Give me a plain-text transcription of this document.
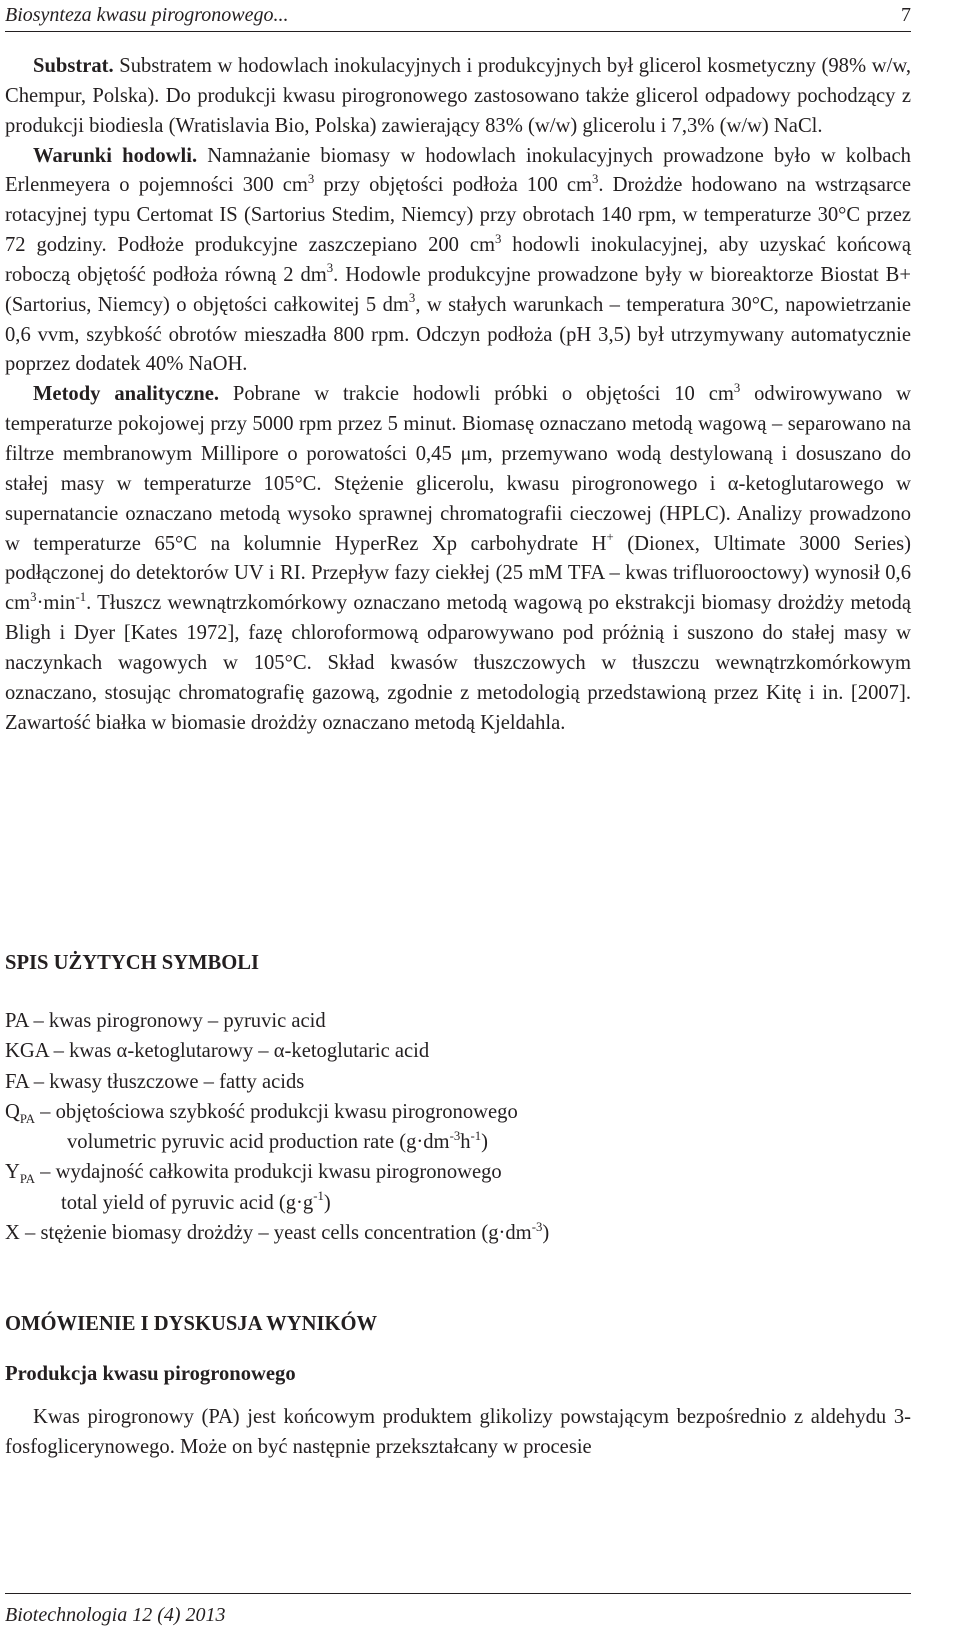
Biosynteza kwasu pirogronowego...	7

Substrat. Substratem w hodowlach inokulacyjnych i produkcyjnych był glicerol kosmetyczny (98% w/w, Chempur, Polska). Do produkcji kwasu pirogronowego zastosowano także glicerol odpadowy pochodzący z produkcji biodiesla (Wratislavia Bio, Polska) zawierający 83% (w/w) glicerolu i 7,3% (w/w) NaCl.

Warunki hodowli. Namnażanie biomasy w hodowlach inokulacyjnych prowadzone było w kolbach Erlenmeyera o pojemności 300 $cm^3$ przy objętości podłoża 100 $cm^3$. Drożdże hodowano na wstrząsarce rotacyjnej typu Certomat IS (Sartorius Stedim, Niemcy) przy obrotach 140 rpm, w temperaturze 30°C przez 72 godziny. Podłoże produkcyjne zaszczepiano 200 $cm^3$ hodowli inokulacyjnej, aby uzyskać końcową roboczą objętość podłoża równą 2 $dm^3$. Hodowle produkcyjne prowadzone były w bioreaktorze Biostat B+ (Sartorius, Niemcy) o objętości całkowitej 5 $dm^3$, w stałych warunkach – temperatura 30°C, napowietrzanie 0,6 vvm, szybkość obrotów mieszadła 800 rpm. Odczyn podłoża (pH 3,5) był utrzymywany automatycznie poprzez dodatek 40% NaOH.

Metody analityczne. Pobrane w trakcie hodowli próbki o objętości 10 $cm^3$ odwirowywano w temperaturze pokojowej przy 5000 rpm przez 5 minut. Biomasę oznaczano metodą wagową – separowano na filtrze membranowym Millipore o porowatości 0,45 μm, przemywano wodą destylowaną i dosuszano do stałej masy w temperaturze 105°C. Stężenie glicerolu, kwasu pirogronowego i α-ketoglutarowego w supernatancie oznaczano metodą wysoko sprawnej chromatografii cieczowej (HPLC). Analizy prowadzono w temperaturze 65°C na kolumnie HyperRez Xp carbohydrate H+ (Dionex, Ultimate 3000 Series) podłączonej do detektorów UV i RI. Przepływ fazy ciekłej (25 mM TFA – kwas trifluorooctowy) wynosił 0,6 $cm^3\cdot\min^{-1}$. Tłuszcz wewnątrzkomórkowy oznaczano metodą wagową po ekstrakcji biomasy drożdży metodą Bligh i Dyer [Kates 1972], fazę chloroformową odparowywano pod próżnią i suszono do stałej masy w naczynkach wagowych w 105°C. Skład kwasów tłuszczowych w tłuszczu wewnątrzkomórkowym oznaczano, stosując chromatografię gazową, zgodnie z metodologią przedstawioną przez Kitę i in. [2007]. Zawartość białka w biomasie drożdży oznaczano metodą Kjeldahla.

SPIS UŻYTYCH SYMBOLI
PA – kwas pirogronowy – pyruvic acid
KGA – kwas α-ketoglutarowy – α-ketoglutaric acid
FA – kwasy tłuszczowe – fatty acids
$Q_{PA}$ – objętościowa szybkość produkcji kwasu pirogronowego
volumetric pyruvic acid production rate $(g\cdot dm^{-3}h^{-1})$
$Y_{PA}$ – wydajność całkowita produkcji kwasu pirogronowego
total yield of pyruvic acid $(g\cdot g^{-1})$
X – stężenie biomasy drożdży – yeast cells concentration $(g\cdot dm^{-3})$
OMÓWIENIE I DYSKUSJA WYNIKÓW
Produkcja kwasu pirogronowego

Kwas pirogronowy (PA) jest końcowym produktem glikolizy powstającym bezpośrednio z aldehydu 3-fosfoglicerynowego. Może on być następnie przekształcany w procesie

Biotechnologia 12 (4) 2013
